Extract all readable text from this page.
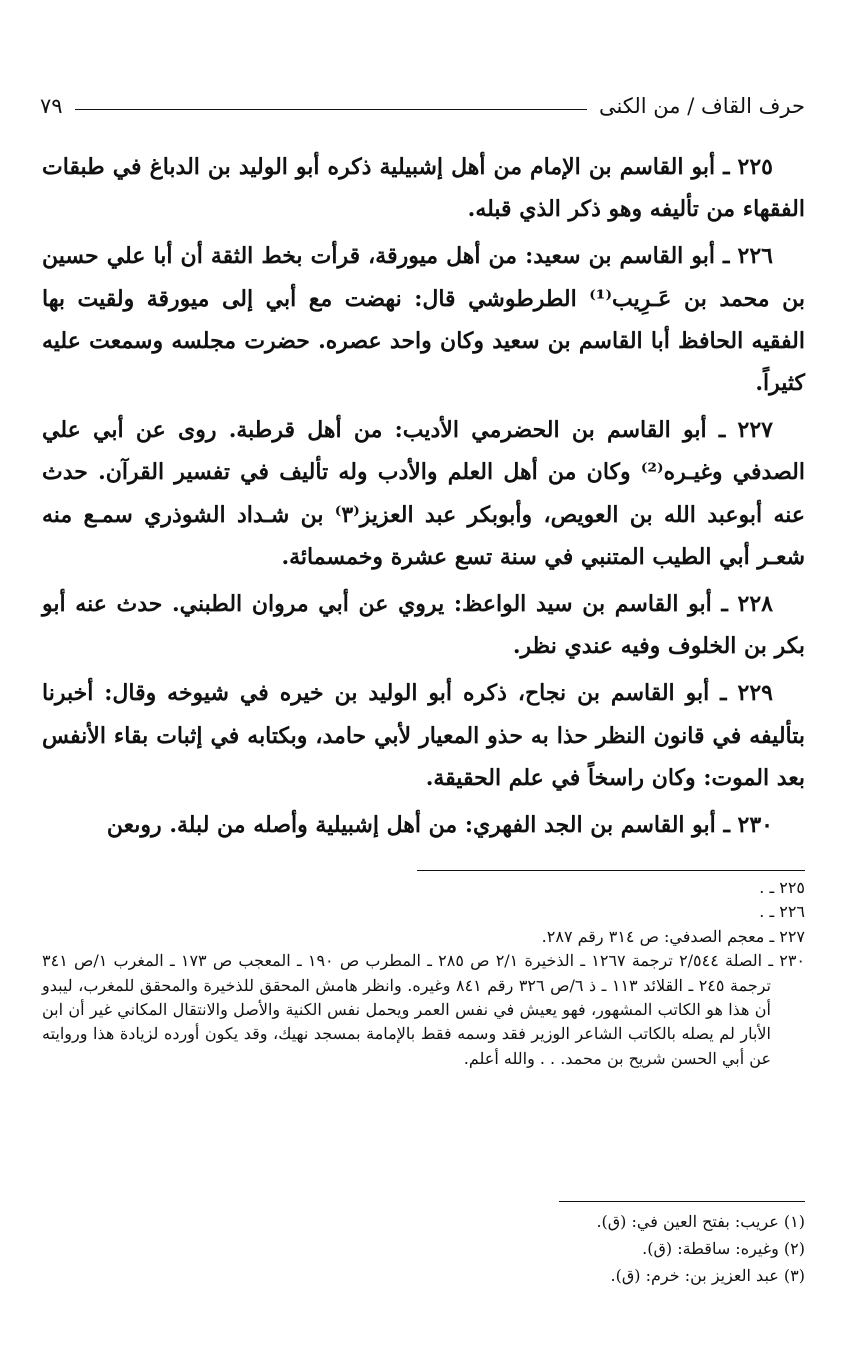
حرف القاف / من الكنى
٧٩

٢٢٥ ـ أبو القاسم بن الإمام من أهل إشبيلية ذكره أبو الوليد بن الدباغ في طبقات الفقهاء من تأليفه وهو ذكر الذي قبله.

٢٢٦ ـ أبو القاسم بن سعيد: من أهل ميورقة، قرأت بخط الثقة أن أبا علي حسين بن محمد بن عَـرِيب⁽¹⁾ الطرطوشي قال: نهضت مع أبي إلى ميورقة ولقيت بها الفقيه الحافظ أبا القاسم بن سعيد وكان واحد عصره. حضرت مجلسه وسمعت عليه كثيراً.

٢٢٧ ـ أبو القاسم بن الحضرمي الأديب: من أهل قرطبة. روى عن أبي علي الصدفي وغيـره⁽²⁾ وكان من أهل العلم والأدب وله تأليف في تفسير القرآن. حدث عنه أبوعبد الله بن العويص، وأبوبكر عبد العزيز⁽٣⁾ بن شـداد الشوذري سمـع منه شعـر أبي الطيب المتنبي في سنة تسع عشرة وخمسمائة.

٢٢٨ ـ أبو القاسم بن سيد الواعظ: يروي عن أبي مروان الطبني. حدث عنه أبو بكر بن الخلوف وفيه عندي نظر.

٢٢٩ ـ أبو القاسم بن نجاح، ذكره أبو الوليد بن خيره في شيوخه وقال: أخبرنا بتأليفه في قانون النظر حذا به حذو المعيار لأبي حامد، وبكتابه في إثبات بقاء الأنفس بعد الموت: وكان راسخاً في علم الحقيقة.

٢٣٠ ـ أبو القاسم بن الجد الفهري: من أهل إشبيلية وأصله من لبلة. روىعن

٢٢٥ ـ .

٢٢٦ ـ .

٢٢٧ ـ معجم الصدفي: ص ٣١٤ رقم ٢٨٧.

٢٣٠ ـ الصلة ٢/٥٤٤ ترجمة ١٢٦٧ ـ الذخيرة ٢/١ ص ٢٨٥ ـ المطرب ص ١٩٠ ـ المعجب ص ١٧٣ ـ المغرب ١/ص ٣٤١ ترجمة ٢٤٥ ـ القلائد ١١٣ ـ ذ ٦/ص ٣٢٦ رقم ٨٤١ وغيره. وانظر هامش المحقق للذخيرة والمحقق للمغرب، ليبدو أن هذا هو الكاتب المشهور، فهو يعيش في نفس العمر ويحمل نفس الكنية والأصل والانتقال المكاني غير أن ابن الأبار لم يصله بالكاتب الشاعر الوزير فقد وسمه فقط بالإمامة بمسجد نهيك، وقد يكون أورده لزيادة هذا وروايته عن أبي الحسن شريح بن محمد. . . والله أعلم.

(١) عريب: بفتح العين في: (ق).

(٢) وغيره: ساقطة: (ق).

(٣) عبد العزيز بن: خرم: (ق).
